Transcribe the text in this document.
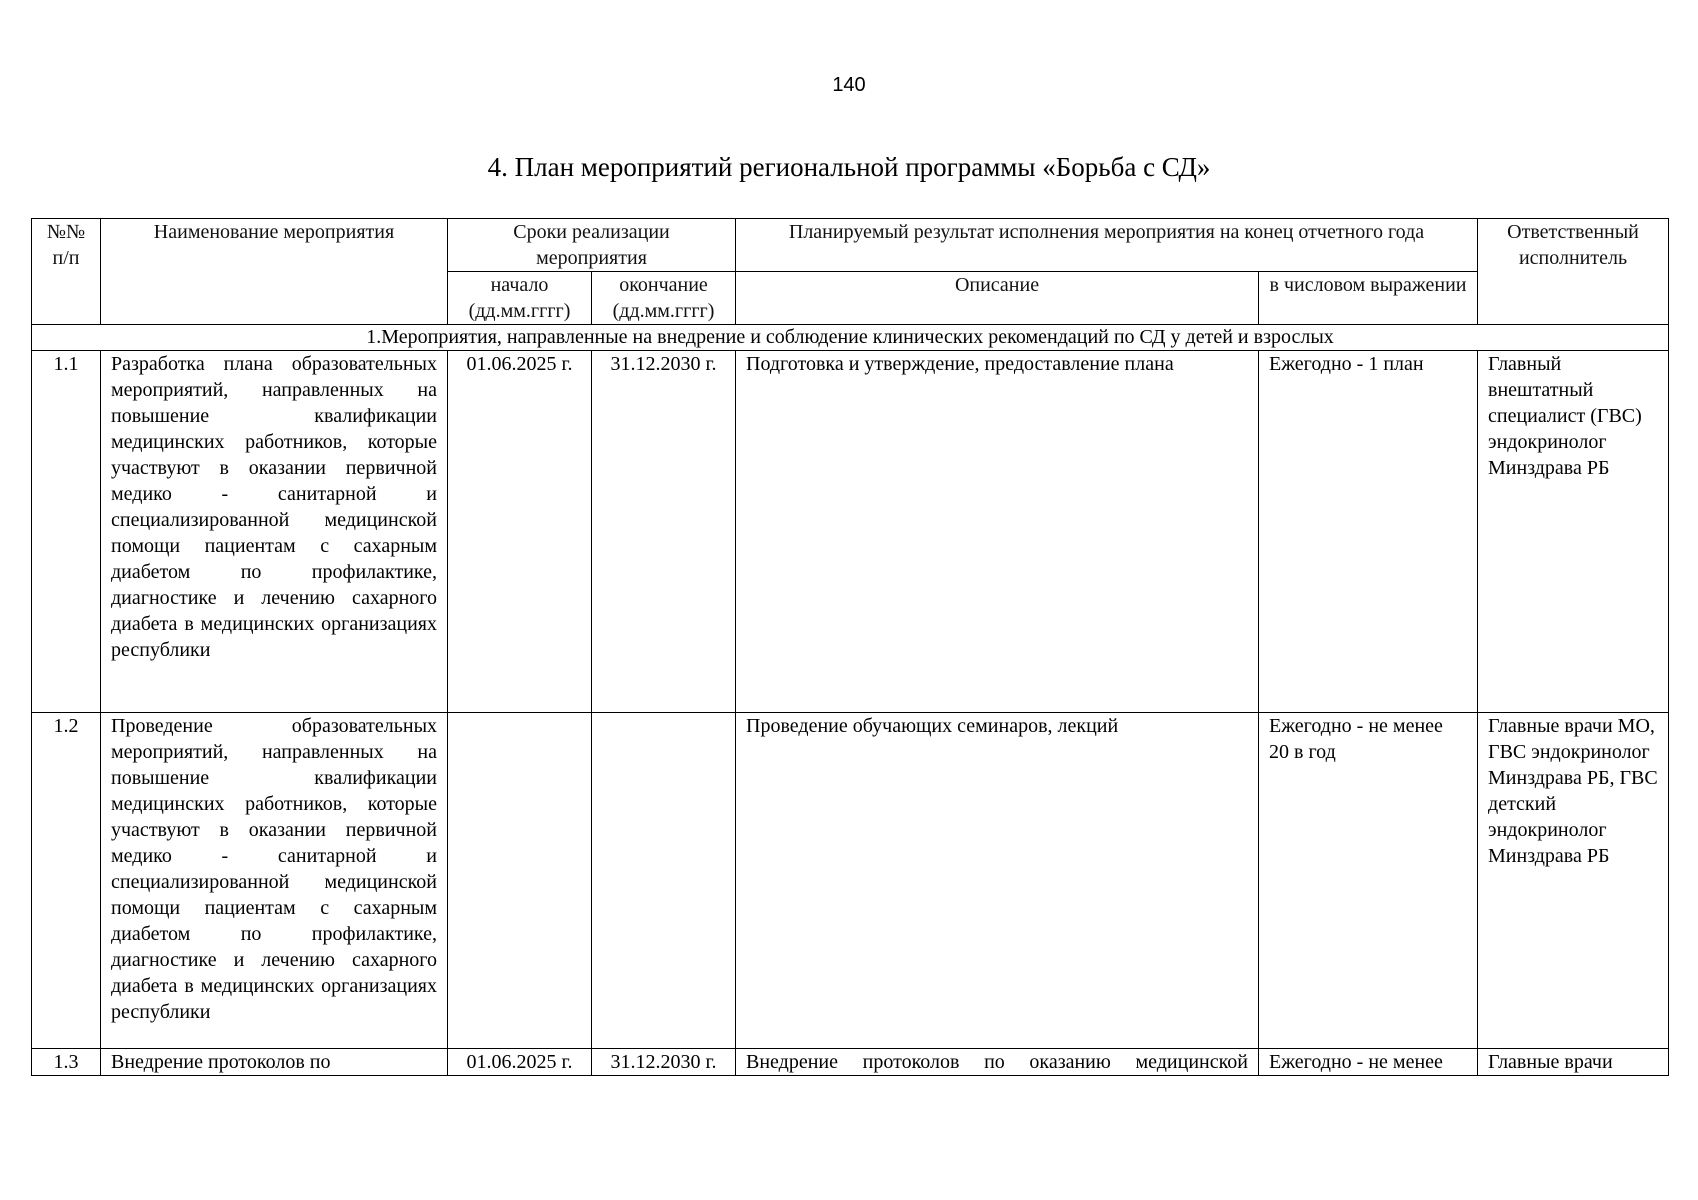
140
4. План мероприятий региональной программы «Борьба с СД»
№№ п/п	Наименование мероприятия	Сроки реализации мероприятия		Планируемый результат исполнения мероприятия на конец отчетного года		Ответственный исполнитель
		начало (дд.мм.гггг)	окончание (дд.мм.гггг)	Описание	в числовом выражении	
1.Мероприятия, направленные на внедрение и соблюдение клинических рекомендаций по СД у детей и взрослых						
1.1	Разработка плана образовательных мероприятий, направленных на повышение квалификации медицинских работников, которые участвуют в оказании первичной медико - санитарной и специализированной медицинской помощи пациентам с сахарным диабетом по профилактике, диагностике и лечению сахарного диабета в медицинских организациях республики	01.06.2025 г.	31.12.2030 г.	Подготовка и утверждение, предоставление плана	Ежегодно - 1 план	Главный внештатный специалист (ГВС) эндокринолог Минздрава РБ
1.2	Проведение образовательных мероприятий, направленных на повышение квалификации медицинских работников, которые участвуют в оказании первичной медико - санитарной и специализированной медицинской помощи пациентам с сахарным диабетом по профилактике, диагностике и лечению сахарного диабета в медицинских организациях республики			Проведение обучающих семинаров, лекций	Ежегодно - не менее 20 в год	Главные врачи МО, ГВС эндокринолог Минздрава РБ, ГВС детский эндокринолог Минздрава РБ
1.3	Внедрение протоколов по	01.06.2025 г.	31.12.2030 г.	Внедрение протоколов по оказанию медицинской	Ежегодно - не менее	Главные врачи
